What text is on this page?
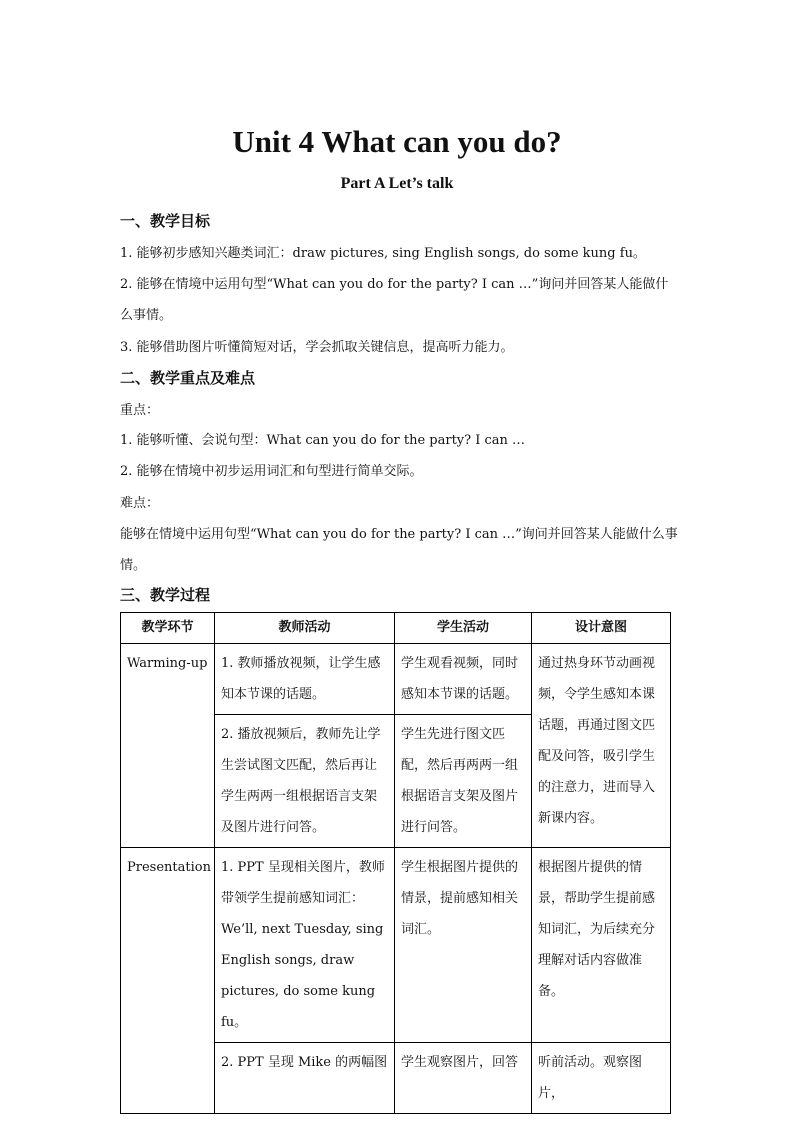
Unit 4 What can you do?
Part A Let’s talk
一、教学目标
1. 能够初步感知兴趣类词汇：draw pictures, sing English songs, do some kung fu。
2. 能够在情境中运用句型“What can you do for the party? I can …”询问并回答某人能做什
么事情。
3. 能够借助图片听懂简短对话，学会抓取关键信息，提高听力能力。
二、教学重点及难点
重点：
1. 能够听懂、会说句型：What can you do for the party? I can …
2. 能够在情境中初步运用词汇和句型进行简单交际。
难点：
能够在情境中运用句型“What can you do for the party? I can …”询问并回答某人能做什么事
情。
三、教学过程
教学环节	教师活动	学生活动	设计意图
Warming-up	1. 教师播放视频，让学生感知本节课的话题。	学生观看视频，同时感知本节课的话题。	通过热身环节动画视频，令学生感知本课话题，再通过图文匹配及问答，吸引学生的注意力，进而导入新课内容。
	2. 播放视频后，教师先让学生尝试图文匹配，然后再让学生两两一组根据语言支架及图片进行问答。	学生先进行图文匹配，然后再两两一组根据语言支架及图片进行问答。	
Presentation	1. PPT 呈现相关图片，教师带领学生提前感知词汇：We’ll, next Tuesday, sing English songs, draw pictures, do some kung fu。	学生根据图片提供的情景，提前感知相关词汇。	根据图片提供的情景，帮助学生提前感知词汇，为后续充分理解对话内容做准备。
	2. PPT 呈现 Mike 的两幅图	学生观察图片，回答	听前活动。观察图片，
